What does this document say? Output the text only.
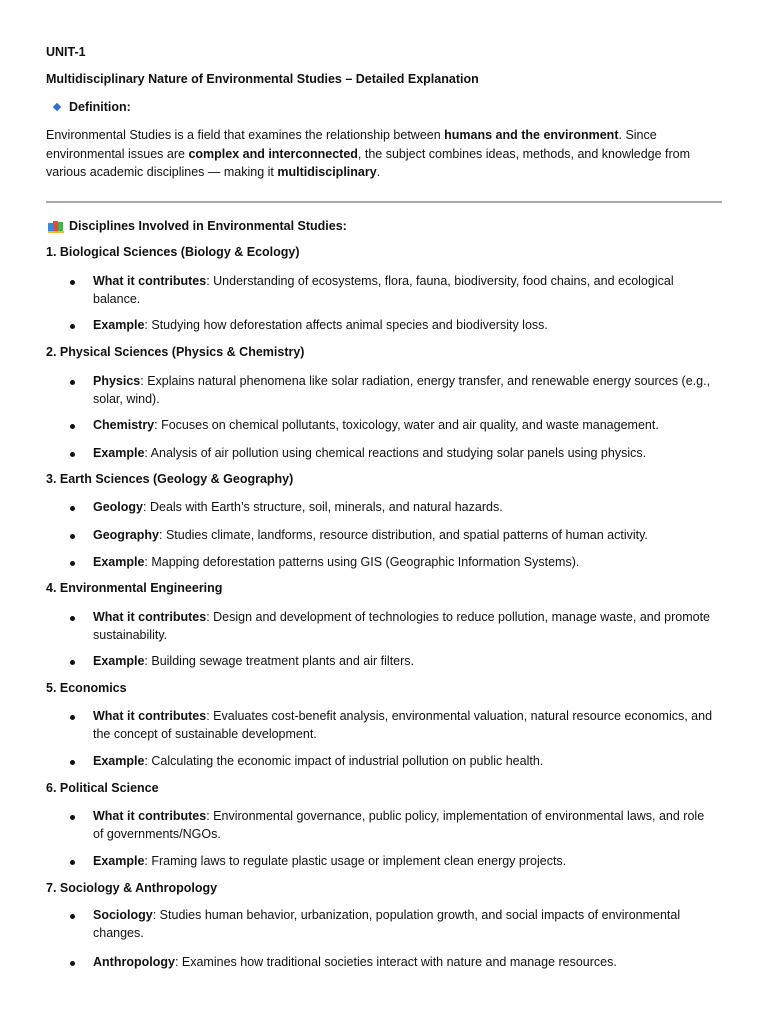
UNIT-1
Multidisciplinary Nature of Environmental Studies – Detailed Explanation
Definition:
Environmental Studies is a field that examines the relationship between humans and the environment. Since environmental issues are complex and interconnected, the subject combines ideas, methods, and knowledge from various academic disciplines — making it multidisciplinary.
Disciplines Involved in Environmental Studies:
1. Biological Sciences (Biology & Ecology)
What it contributes: Understanding of ecosystems, flora, fauna, biodiversity, food chains, and ecological balance.
Example: Studying how deforestation affects animal species and biodiversity loss.
2. Physical Sciences (Physics & Chemistry)
Physics: Explains natural phenomena like solar radiation, energy transfer, and renewable energy sources (e.g., solar, wind).
Chemistry: Focuses on chemical pollutants, toxicology, water and air quality, and waste management.
Example: Analysis of air pollution using chemical reactions and studying solar panels using physics.
3. Earth Sciences (Geology & Geography)
Geology: Deals with Earth’s structure, soil, minerals, and natural hazards.
Geography: Studies climate, landforms, resource distribution, and spatial patterns of human activity.
Example: Mapping deforestation patterns using GIS (Geographic Information Systems).
4. Environmental Engineering
What it contributes: Design and development of technologies to reduce pollution, manage waste, and promote sustainability.
Example: Building sewage treatment plants and air filters.
5. Economics
What it contributes: Evaluates cost-benefit analysis, environmental valuation, natural resource economics, and the concept of sustainable development.
Example: Calculating the economic impact of industrial pollution on public health.
6. Political Science
What it contributes: Environmental governance, public policy, implementation of environmental laws, and role of governments/NGOs.
Example: Framing laws to regulate plastic usage or implement clean energy projects.
7. Sociology & Anthropology
Sociology: Studies human behavior, urbanization, population growth, and social impacts of environmental changes.
Anthropology: Examines how traditional societies interact with nature and manage resources.
